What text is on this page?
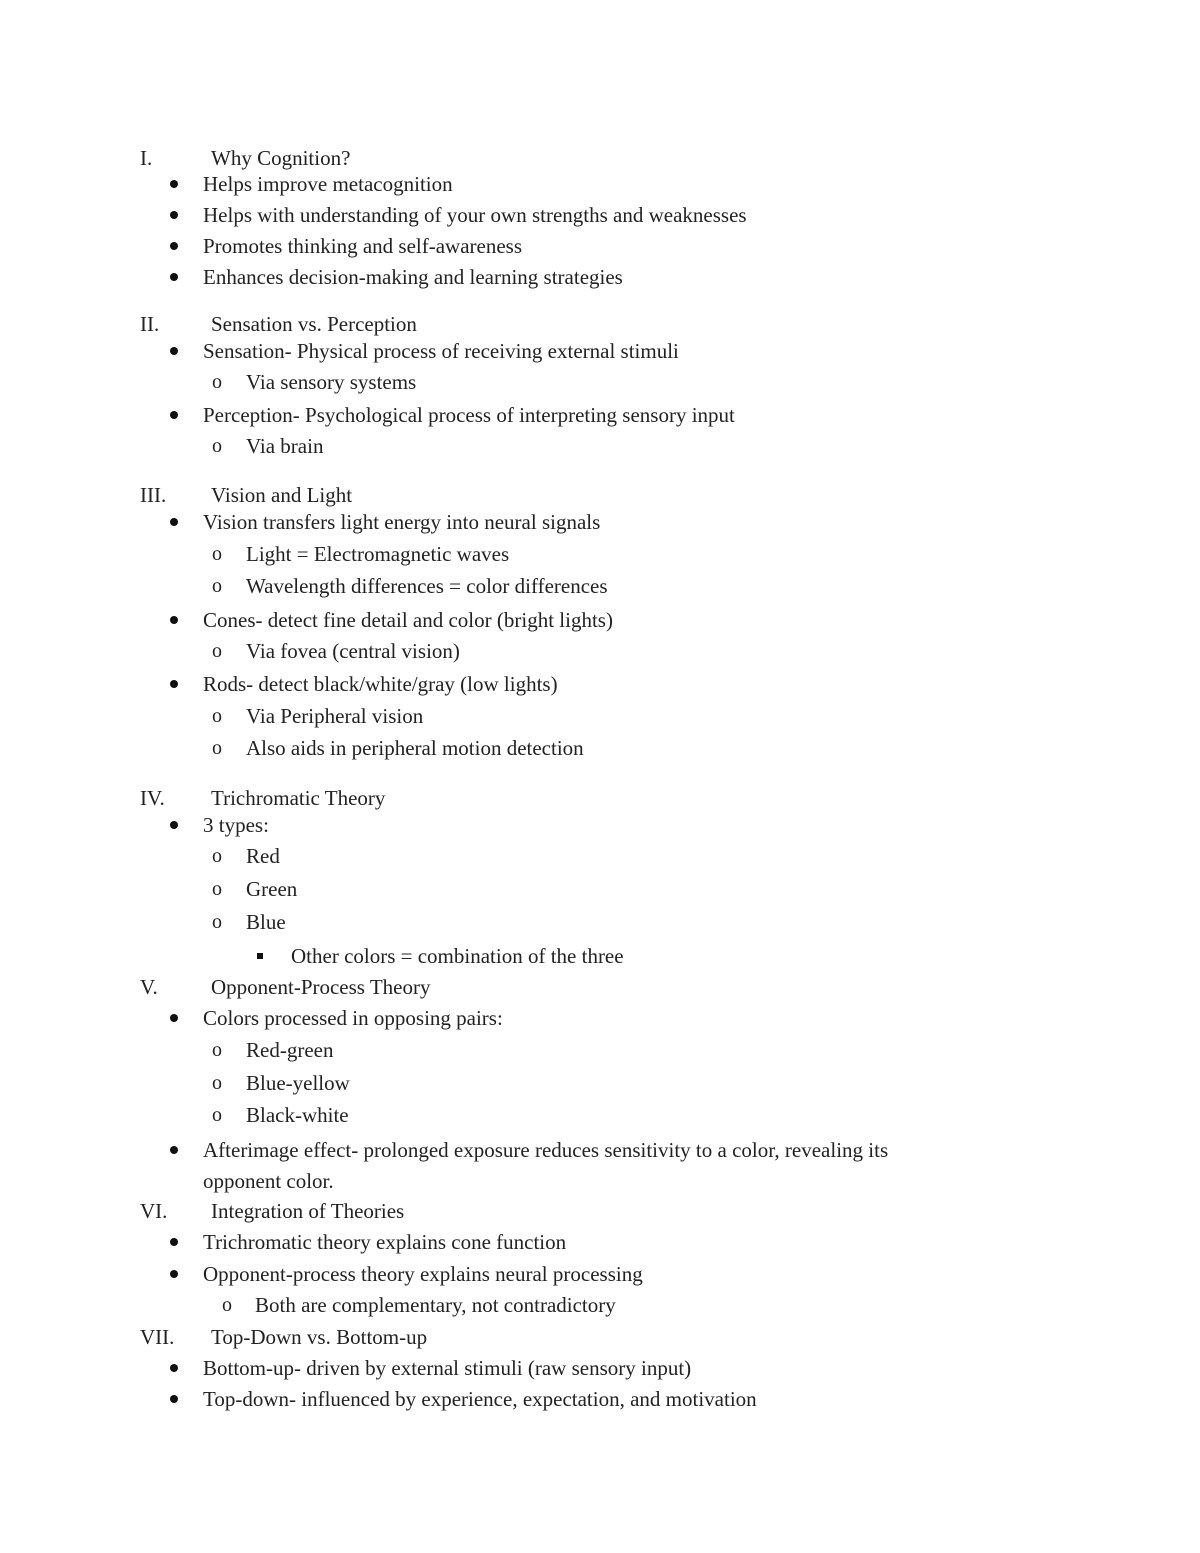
I.	Why Cognition?
Helps improve metacognition
Helps with understanding of your own strengths and weaknesses
Promotes thinking and self-awareness
Enhances decision-making and learning strategies
II. Sensation vs. Perception
Sensation- Physical process of receiving external stimuli
o Via sensory systems
Perception- Psychological process of interpreting sensory input
o Via brain
III. Vision and Light
Vision transfers light energy into neural signals
o Light = Electromagnetic waves
o Wavelength differences = color differences
Cones- detect fine detail and color (bright lights)
o Via fovea (central vision)
Rods- detect black/white/gray (low lights)
o Via Peripheral vision
o Also aids in peripheral motion detection
IV. Trichromatic Theory
3 types:
o Red
o Green
o Blue
Other colors = combination of the three
V.	Opponent-Process Theory
Colors processed in opposing pairs:
o Red-green
o Blue-yellow
o Black-white
Afterimage effect- prolonged exposure reduces sensitivity to a color, revealing its
opponent color.
VI. Integration of Theories
Trichromatic theory explains cone function
Opponent-process theory explains neural processing
o Both are complementary, not contradictory
VII. Top-Down vs. Bottom-up
Bottom-up- driven by external stimuli (raw sensory input)
Top-down- influenced by experience, expectation, and motivation
